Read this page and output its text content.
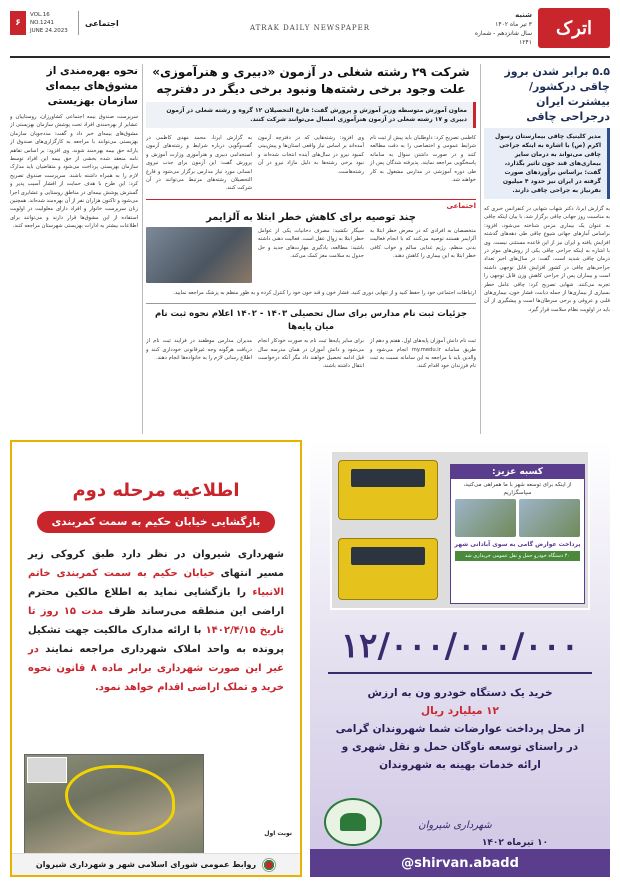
اترک
شنبه
۳ تیر ماه ۱۴۰۲
سال شانزدهم - شماره ۱۲۴۱
ATRAK DAILY NEWSPAPER
۶
VOL.16 NO.1241
JUNE 24.2023
اجتماعی
۵.۵ برابر شدن بروز چاقی درکشور/ بیشترت ایران درجراحی چاقی

مدیر کلینیک چاقی بیمارستان رسول اکرم (ص) با اشاره به اینکه جراحی چاقی می‌تواند به درمان سایر بیماری‌های قند خون تاثیر بگذارد، گفت: براساس برآوردهای صورت گرفته در ایران نیز حدود ۴ میلیون نفرنیاز به جراحی چاقی دارند.

به گزارش ایرنا، دکتر شهاب شهابی در کنفرانس خبری که به مناسبت روز جهانی چاقی برگزار شد، با بیان اینکه چاقی به عنوان یک بیماری مزمن شناخته می‌شود، افزود: براساس آمارهای جهانی شیوع چاقی طی دهه‌های گذشته افزایش یافته و ایران نیز از این قاعده مستثنی نیست. وی با اشاره به اینکه جراحی چاقی یکی از روش‌های موثر در درمان چاقی شدید است، گفت: در سال‌های اخیر تعداد جراحی‌های چاقی در کشور افزایش قابل توجهی داشته است و بیماران پس از جراحی کاهش وزن قابل توجهی را تجربه می‌کنند. شهابی تصریح کرد: چاقی عامل خطر بسیاری از بیماری‌ها از جمله دیابت، فشار خون، بیماری‌های قلبی و عروقی و برخی سرطان‌ها است و پیشگیری از آن باید در اولویت نظام سلامت قرار گیرد.

شرکت ۲۹ رشته شغلی در آزمون «دبیری و هنرآموزی» علت وجود برخی رشته‌ها ونبود برخی دیگر در دفترچه

معاون آموزش متوسطه وزیر آموزش و پرورش گفت: فارغ التحصیلان ۱۲ گروه و رشته شغلی در آزمون دبیری و ۱۷ رشته شغلی در آزمون هنرآموزی امسال می‌توانند شرکت کنند.

به گزارش ایرنا، محمد مهدی کاظمی در گفت‌وگویی درباره شرایط و رشته‌های آزمون استخدامی دبیری و هنرآموزی وزارت آموزش و پرورش گفت: این آزمون برای جذب نیروی انسانی مورد نیاز مدارس برگزار می‌شود و فارغ التحصیلان رشته‌های مرتبط می‌توانند در آن شرکت کنند.

وی افزود: رشته‌هایی که در دفترچه آزمون آمده‌اند بر اساس نیاز واقعی استان‌ها و پیش‌بینی کمبود نیرو در سال‌های آینده انتخاب شده‌اند و نبود برخی رشته‌ها به دلیل مازاد نیرو در آن رشته‌هاست.

کاظمی تصریح کرد: داوطلبان باید پیش از ثبت نام شرایط عمومی و اختصاصی را به دقت مطالعه کنند و در صورت داشتن سوال به سامانه پاسخگویی مراجعه نمایند. پذیرفته شدگان پس از طی دوره آموزشی در مدارس مشغول به کار خواهند شد.

اجتماعی
چند توصیه برای کاهش خطر ابتلا به آلزایمر

سیگار نکشید: مصرف دخانیات یکی از عوامل خطر ابتلا به زوال عقل است. فعالیت ذهنی داشته باشید: مطالعه، یادگیری مهارت‌های جدید و حل جدول به سلامت مغز کمک می‌کند.

متخصصان به افرادی که در معرض خطر ابتلا به آلزایمر هستند توصیه می‌کنند که با انجام فعالیت بدنی منظم، رژیم غذایی سالم و خواب کافی خطر ابتلا به این بیماری را کاهش دهند.

ارتباطات اجتماعی خود را حفظ کنید و از تنهایی دوری کنید. فشار خون و قند خون خود را کنترل کرده و به طور منظم به پزشک مراجعه نمایید.

جزئیات ثبت نام مدارس برای سال تحصیلی ۱۴۰۳ - ۱۴۰۲ اعلام نحوه ثبت نام میان پایه‌ها

مدیران مدارس موظفند در فرایند ثبت نام از دریافت هرگونه وجه غیرقانونی خودداری کنند و اطلاع رسانی لازم را به خانواده‌ها انجام دهند.

برای سایر پایه‌ها ثبت نام به صورت خودکار انجام می‌شود و دانش آموزان در همان مدرسه سال قبل ادامه تحصیل خواهند داد مگر آنکه درخواست انتقال داشته باشند.

ثبت نام دانش آموزان پایه‌های اول، هفتم و دهم از طریق سامانه my.medu.ir انجام می‌شود و والدین باید با مراجعه به این سامانه نسبت به ثبت نام فرزندان خود اقدام کنند.

نحوه بهره‌مندی از مشوق‌های بیمه‌ای سازمان بهزیستی

سرپرست صندوق بیمه اجتماعی کشاورزان، روستاییان و عشایر از بهره‌مندی افراد تحت پوشش سازمان بهزیستی از مشوق‌های بیمه‌ای خبر داد و گفت: مددجویان سازمان بهزیستی می‌توانند با مراجعه به کارگزاری‌های صندوق از یارانه حق بیمه بهره‌مند شوند. وی افزود: بر اساس تفاهم نامه منعقد شده بخشی از حق بیمه این افراد توسط سازمان بهزیستی پرداخت می‌شود و متقاضیان باید مدارک لازم را به همراه داشته باشند. سرپرست صندوق تصریح کرد: این طرح با هدف حمایت از اقشار آسیب پذیر و گسترش پوشش بیمه‌ای در مناطق روستایی و عشایری اجرا می‌شود و تاکنون هزاران نفر از آن بهره‌مند شده‌اند. همچنین زنان سرپرست خانوار و افراد دارای معلولیت در اولویت استفاده از این مشوق‌ها قرار دارند و می‌توانند برای اطلاعات بیشتر به ادارات بهزیستی شهرستان مراجعه کنند.

اطلاعیه مرحله دوم
بازگشایی خیابان حکیم به سمت کمربندی

شهرداری شیروان در نظر دارد طبق کروکی زیر مسیر انتهای خیابان حکیم به سمت کمربندی خاتم الانبیاء را بازگشایی نماید به اطلاع مالکین محترم اراضی این منطقه می‌رساند ظرف مدت ۱۵ روز تا تاریخ ۱۴۰۲/۴/۱۵ با ارائه مدارک مالکیت جهت تشکیل پرونده به واحد املاک شهرداری مراجعه نمایند در غیر این صورت شهرداری برابر ماده ۸ قانون نحوه خرید و تملک اراضی اقدام خواهد نمود.

نوبت اول
روابط عمومی شورای اسلامی شهر و شهرداری شیروان
کسبه عزیز:
از اینکه برای توسعه شهر با ما همراهی می‌کنید، سپاسگزاریم
پرداخت عوارض گامی به سوی آبادانی شهر
۴۰ دستگاه خودرو حمل و نقل عمومی خریداری شد
۱۲/۰۰۰/۰۰۰/۰۰۰

خرید یک دستگاه خودرو ون به ارزش
۱۲ میلیارد ریال
از محل پرداخت عوارضات شما شهروندان گرامی در راستای توسعه ناوگان حمل و نقل شهری و ارائه خدمات بهینه به شهروندان

شهرداری شیروان
۱۰ تیرماه ۱۴۰۲
@shirvan.abadd
